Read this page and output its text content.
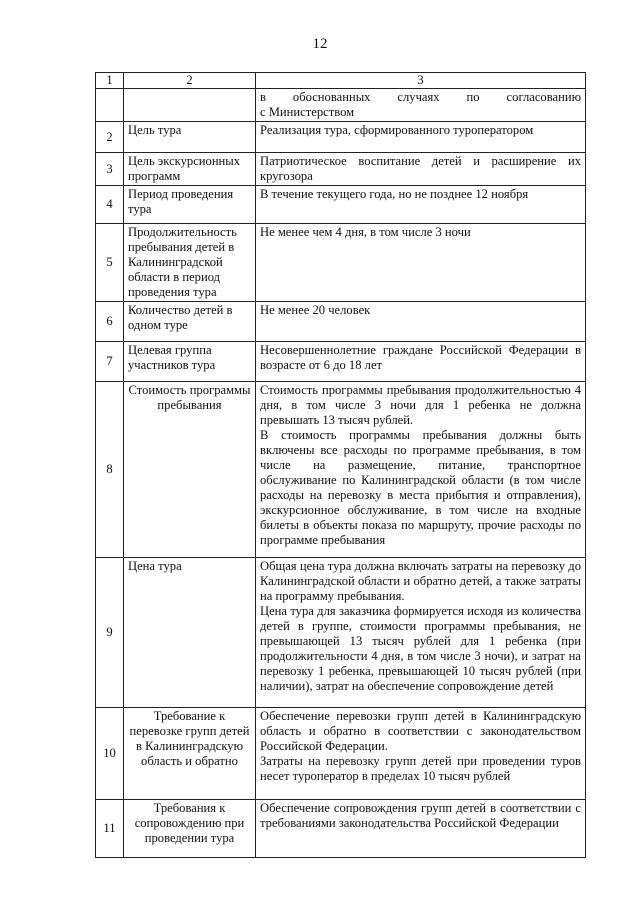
12
1	2	3

		в обоснованных случаях по согласованию
с Министерством

2	Цель тура	Реализация тура, сформированного туроператором
3	Цель экскурсионных программ	Патриотическое воспитание детей и расширение их кругозора
4	Период проведения тура	В течение текущего года, но не позднее 12 ноября
5	Продолжительность пребывания детей в Калининградской области в период проведения тура	Не менее чем 4 дня, в том числе 3 ночи
6	Количество детей в одном туре	Не менее 20 человек
7	Целевая группа участников тура	Несовершеннолетние граждане Российской Федерации в возрасте от 6 до 18 лет
8	Стоимость программы пребывания	Стоимость программы пребывания продолжительностью 4 дня, в том числе 3 ночи для 1 ребенка не должна превышать 13 тысяч рублей.
В стоимость программы пребывания должны быть включены все расходы по программе пребывания, в том числе на размещение, питание, транспортное обслуживание по Калининградской области (в том числе расходы на перевозку в места прибытия и отправления), экскурсионное обслуживание, в том числе на входные билеты в объекты показа по маршруту, прочие расходы по программе пребывания

9	Цена тура	Общая цена тура должна включать затраты на перевозку до Калининградской области и обратно детей, а также затраты на программу пребывания.
Цена тура для заказчика формируется исходя из количества детей в группе, стоимости программы пребывания, не превышающей 13 тысяч рублей для 1 ребенка (при продолжительности 4 дня, в том числе 3 ночи), и затрат на перевозку 1 ребенка, превышающей 10 тысяч рублей (при наличии), затрат на обеспечение сопровождение детей

10	Требование к перевозке групп детей в Калининградскую область и обратно	Обеспечение перевозки групп детей в Калининградскую область и обратно в соответствии с законодательством Российской Федерации.
Затраты на перевозку групп детей при проведении туров несет туроператор в пределах 10 тысяч рублей

11	Требования к сопровождению при проведении тура	Обеспечение сопровождения групп детей в соответствии с требованиями законодательства Российской Федерации
